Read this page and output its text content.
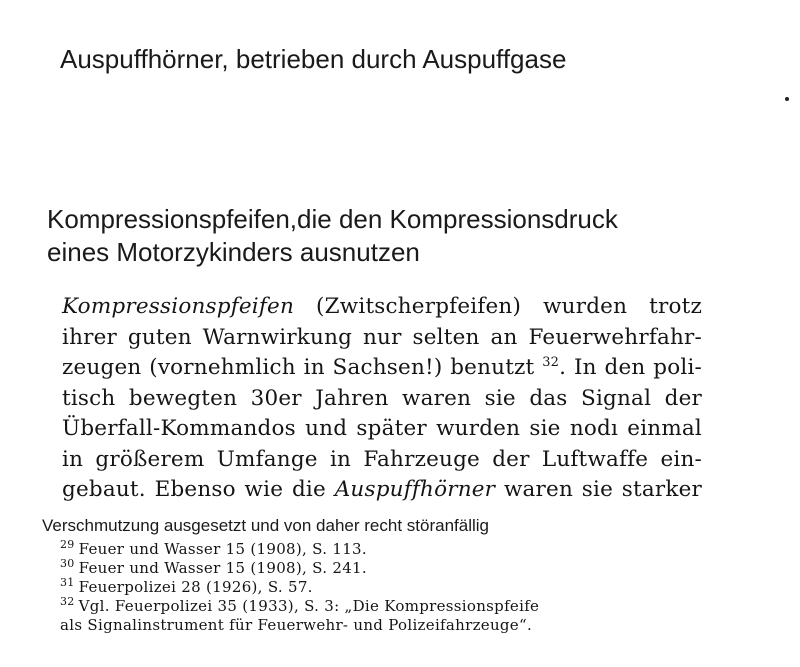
Auspuffhörner, betrieben durch Auspuffgase
Kompressionspfeifen,die den Kompressionsdruck
eines Motorzykinders ausnutzen
Kompressionspfeifen (Zwitscherpfeifen) wurden trotz
ihrer guten Warnwirkung nur selten an Feuerwehrfahr-
zeugen (vornehmlich in Sachsen!) benutzt $^{32}$. In den poli-
tisch bewegten 30er Jahren waren sie das Signal der
Überfall-Kommandos und später wurden sie nodı einmal
in größerem Umfange in Fahrzeuge der Luftwaffe ein-
gebaut. Ebenso wie die Auspuffhörner waren sie starker
Verschmutzung ausgesetzt und von daher recht störanfällig
$^{29}$ Feuer und Wasser 15 (1908), S. 113.
$^{30}$ Feuer und Wasser 15 (1908), S. 241.
$^{31}$ Feuerpolizei 28 (1926), S. 57.
$^{32}$ Vgl. Feuerpolizei 35 (1933), S. 3: „Die Kompressionspfeife
als Signalinstrument für Feuerwehr- und Polizeifahrzeuge“.
